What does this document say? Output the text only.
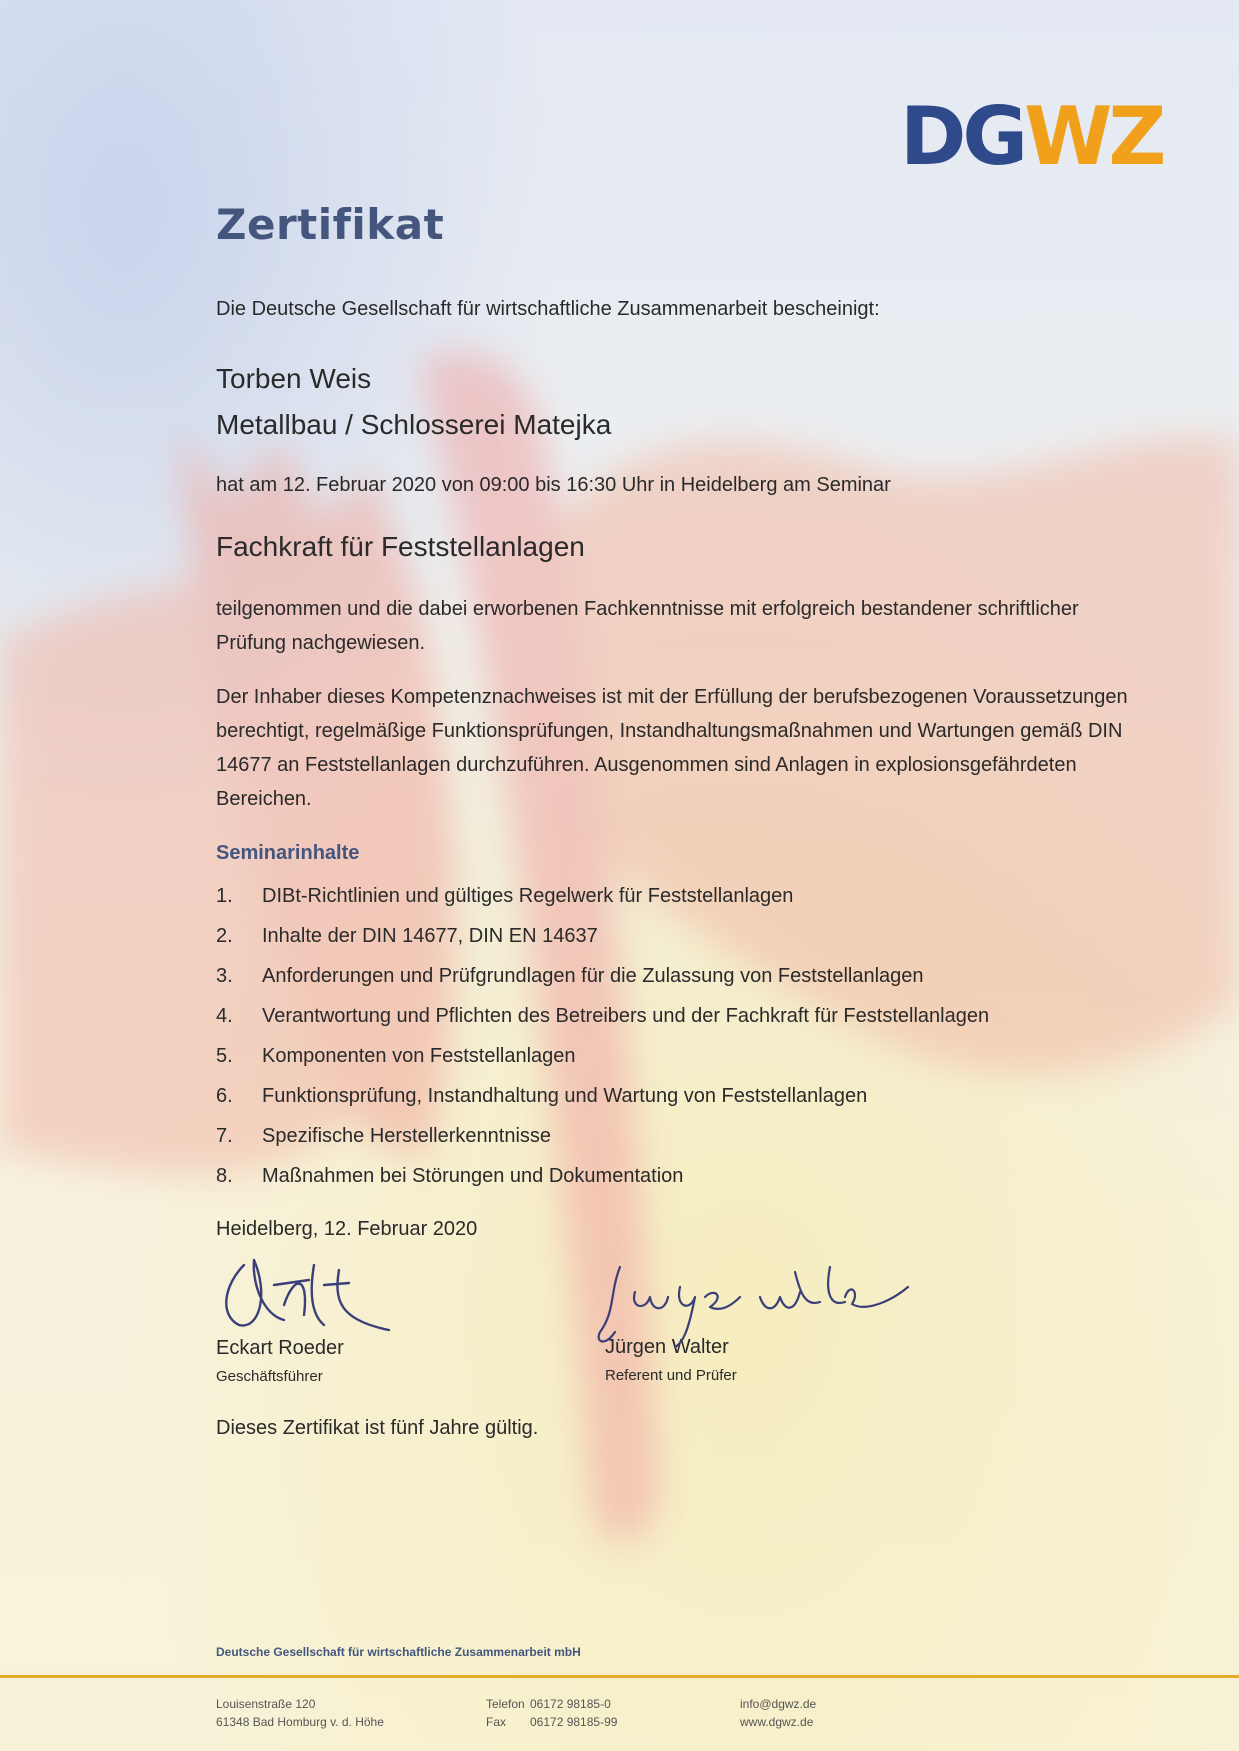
DGWZ
Zertifikat

Die Deutsche Gesellschaft für wirtschaftliche Zusammenarbeit bescheinigt:

Torben Weis

Metallbau / Schlosserei Matejka

hat am 12. Februar 2020 von 09:00 bis 16:30 Uhr in Heidelberg am Seminar

Fachkraft für Feststellanlagen

teilgenommen und die dabei erworbenen Fachkenntnisse mit erfolgreich bestandener schriftlicher Prüfung nachgewiesen.

Der Inhaber dieses Kompetenznachweises ist mit der Erfüllung der berufsbezogenen Voraussetzungen berechtigt, regelmäßige Funktionsprüfungen, Instandhaltungsmaßnahmen und Wartungen gemäß DIN 14677 an Feststellanlagen durchzuführen. Ausgenommen sind Anlagen in explosionsgefährdeten Bereichen.

Seminarinhalte
1.	DIBt-Richtlinien und gültiges Regelwerk für Feststellanlagen
2.	Inhalte der DIN 14677, DIN EN 14637
3.	Anforderungen und Prüfgrundlagen für die Zulassung von Feststellanlagen
4.	Verantwortung und Pflichten des Betreibers und der Fachkraft für Feststellanlagen
5.	Komponenten von Feststellanlagen
6.	Funktionsprüfung, Instandhaltung und Wartung von Feststellanlagen
7.	Spezifische Herstellerkenntnisse
8.	Maßnahmen bei Störungen und Dokumentation

Heidelberg, 12. Februar 2020

Eckart Roeder

Geschäftsführer

Jürgen Walter

Referent und Prüfer

Dieses Zertifikat ist fünf Jahre gültig.

Deutsche Gesellschaft für wirtschaftliche Zusammenarbeit mbH

Louisenstraße 120
61348 Bad Homburg v. d. Höhe
Telefon 06172 98185-0
Fax	06172 98185-99
info@dgwz.de
www.dgwz.de
